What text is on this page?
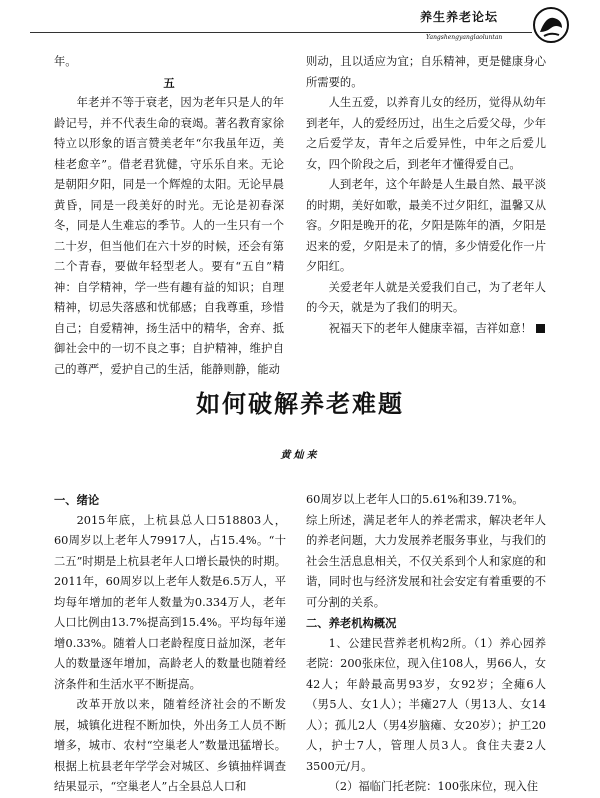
养生养老论坛
Yangshengyanglaoluntan

年。

五

年老并不等于衰老，因为老年只是人的年龄记号，并不代表生命的衰竭。著名教育家徐特立以形象的语言赞美老年“尔我虽年迈，美桂老愈辛”。借老君犹健，守乐乐自来。无论是朝阳夕阳，同是一个辉煌的太阳。无论早晨黄昏，同是一段美好的时光。无论是初春深冬，同是人生难忘的季节。人的一生只有一个二十岁，但当他们在六十岁的时候，还会有第二个青春，要做年轻型老人。要有“五自”精神：自学精神，学一些有趣有益的知识；自理精神，切忌失落感和忧郁感；自我尊重，珍惜自己；自爱精神，扬生活中的精华，舍弃、抵御社会中的一切不良之事；自护精神，维护自己的尊严，爱护自己的生活，能静则静，能动

则动，且以适应为宜；自乐精神，更是健康身心所需要的。

人生五爱，以养育儿女的经历，觉得从幼年到老年，人的爱经历过，出生之后爱父母，少年之后爱学友，青年之后爱异性，中年之后爱儿女，四个阶段之后，到老年才懂得爱自己。

人到老年，这个年龄是人生最自然、最平淡的时期，美好如歌，最美不过夕阳红，温馨又从容。夕阳是晚开的花，夕阳是陈年的酒，夕阳是迟来的爱，夕阳是未了的情，多少情爱化作一片夕阳红。

关爱老年人就是关爱我们自己，为了老年人的今天，就是为了我们的明天。

祝福天下的老年人健康幸福，吉祥如意！

如何破解养老难题
黄灿来

一、绪论

2015年底，上杭县总人口518803人，60周岁以上老年人79917人，占15.4%。“十二五”时期是上杭县老年人口增长最快的时期。2011年，60周岁以上老年人数是6.5万人，平均每年增加的老年人数量为0.334万人，老年人口比例由13.7%提高到15.4%。平均每年递增0.33%。随着人口老龄程度日益加深，老年人的数量逐年增加，高龄老人的数量也随着经济条件和生活水平不断提高。

改革开放以来，随着经济社会的不断发展，城镇化进程不断加快，外出务工人员不断增多，城市、农村“空巢老人”数量迅猛增长。根据上杭县老年学学会对城区、乡镇抽样调查结果显示，“空巢老人”占全县总人口和

60周岁以上老年人口的5.61%和39.71%。

综上所述，满足老年人的养老需求，解决老年人的养老问题，大力发展养老服务事业，与我们的社会生活息息相关，不仅关系到个人和家庭的和谐，同时也与经济发展和社会安定有着重要的不可分割的关系。

二、养老机构概况

1、公建民营养老机构2所。（1）养心园养老院：200张床位，现入住108人，男66人，女42人；年龄最高男93岁，女92岁；全瘫6人（男5人、女1人）；半瘫27人（男13人、女14人）；孤儿2人（男4岁脑瘫、女20岁）；护工20人，护士7人，管理人员3人。食住夫妻2人3500元/月。

（2）福临门托老院：100张床位，现入住
